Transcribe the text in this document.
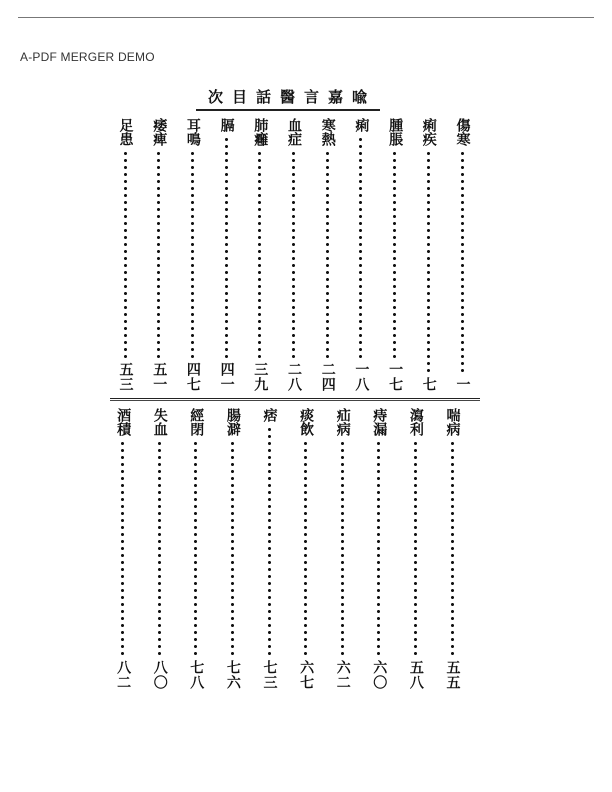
A-PDF MERGER DEMO
喩嘉言醫話目次
傷寒
一
痢疾
七
腫脹
一七
痢
一八
寒熱
二四
血症
二八
肺癰
三九
膈
四一
耳鳴
四七
痿痺
五一
足患
五三
喘病
五五
瀉利
五八
痔漏
六〇
疝病
六二
痰飲
六七
痞
七三
腸澼
七六
經閉
七八
失血
八〇
酒積
八二
